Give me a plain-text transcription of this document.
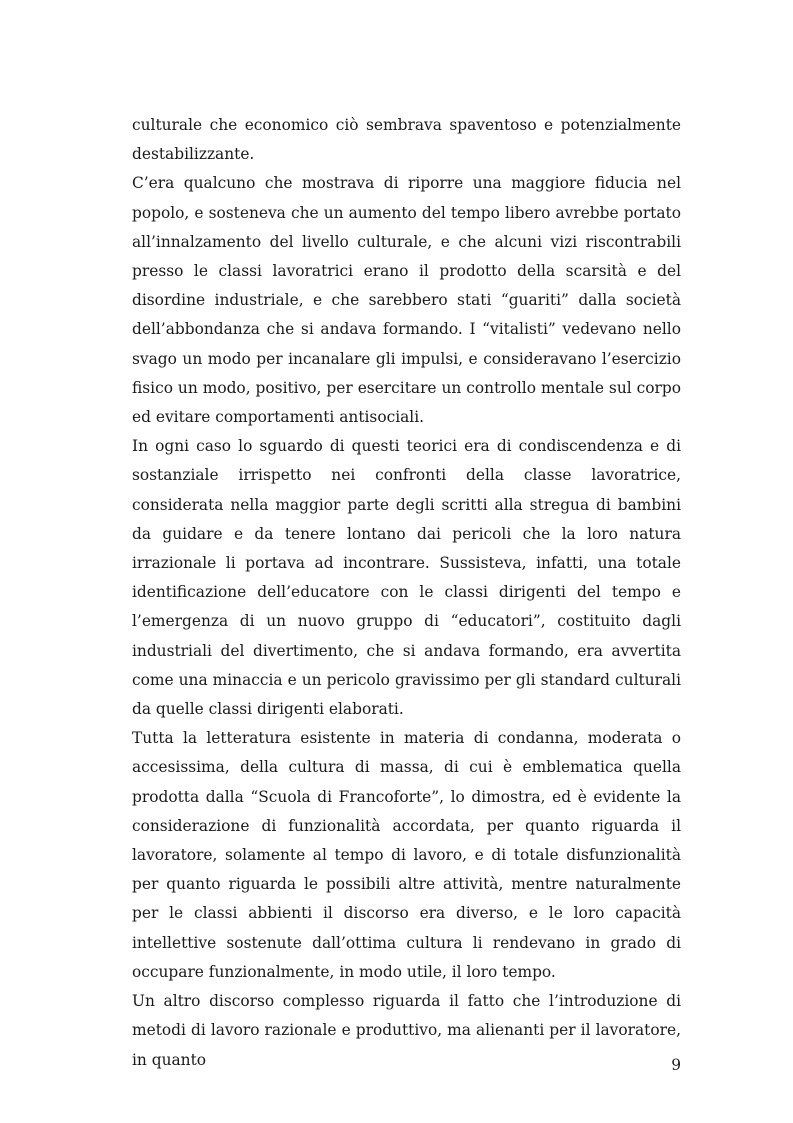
culturale che economico ciò sembrava spaventoso e potenzialmente destabilizzante.

C’era qualcuno che mostrava di riporre una maggiore fiducia nel popolo, e sosteneva che un aumento del tempo libero avrebbe portato all’innalzamento del livello culturale, e che alcuni vizi riscontrabili presso le classi lavoratrici erano il prodotto della scarsità e del disordine industriale, e che sarebbero stati “guariti” dalla società dell’abbondanza che si andava formando. I “vitalisti” vedevano nello svago un modo per incanalare gli impulsi, e consideravano l’esercizio fisico un modo, positivo, per esercitare un controllo mentale sul corpo ed evitare comportamenti antisociali.

In ogni caso lo sguardo di questi teorici era di condiscendenza e di sostanziale irrispetto nei confronti della classe lavoratrice, considerata nella maggior parte degli scritti alla stregua di bambini da guidare e da tenere lontano dai pericoli che la loro natura irrazionale li portava ad incontrare. Sussisteva, infatti, una totale identificazione dell’educatore con le classi dirigenti del tempo e l’emergenza di un nuovo gruppo di “educatori”, costituito dagli industriali del divertimento, che si andava formando, era avvertita come una minaccia e un pericolo gravissimo per gli standard culturali da quelle classi dirigenti elaborati.

Tutta la letteratura esistente in materia di condanna, moderata o accesissima, della cultura di massa, di cui è emblematica quella prodotta dalla “Scuola di Francoforte”, lo dimostra, ed è evidente la considerazione di funzionalità accordata, per quanto riguarda il lavoratore, solamente al tempo di lavoro, e di totale disfunzionalità per quanto riguarda le possibili altre attività, mentre naturalmente per le classi abbienti il discorso era diverso, e le loro capacità intellettive sostenute dall’ottima cultura li rendevano in grado di occupare funzionalmente, in modo utile, il loro tempo.

Un altro discorso complesso riguarda il fatto che l’introduzione di metodi di lavoro razionale e produttivo, ma alienanti per il lavoratore, in quanto	9
